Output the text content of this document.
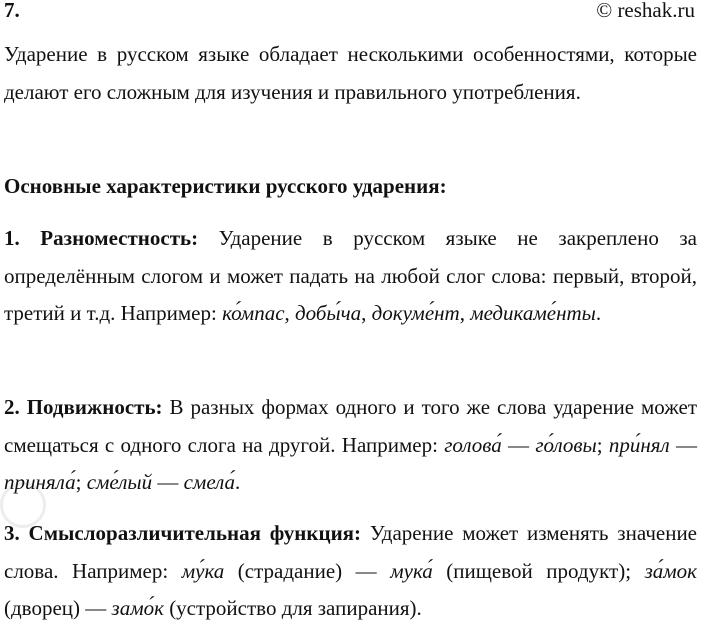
7.	© reshak.ru

Ударение в русском языке обладает несколькими особенностями, которые делают его сложным для изучения и правильного употребления.

Основные характеристики русского ударения:

1. Разноместность: Ударение в русском языке не закреплено за определённым слогом и может падать на любой слог слова: первый, второй, третий и т.д. Например: ко́мпас, добы́ча, докуме́нт, медикаме́нты.

2. Подвижность: В разных формах одного и того же слова ударение может смещаться с одного слога на другой. Например: голова́ — го́ловы; при́нял — приняла́; сме́лый — смела́.

3. Смыслоразличительная функция: Ударение может изменять значение слова. Например: му́ка (страдание) — мука́ (пищевой продукт); за́мок (дворец) — замо́к (устройство для запирания).
